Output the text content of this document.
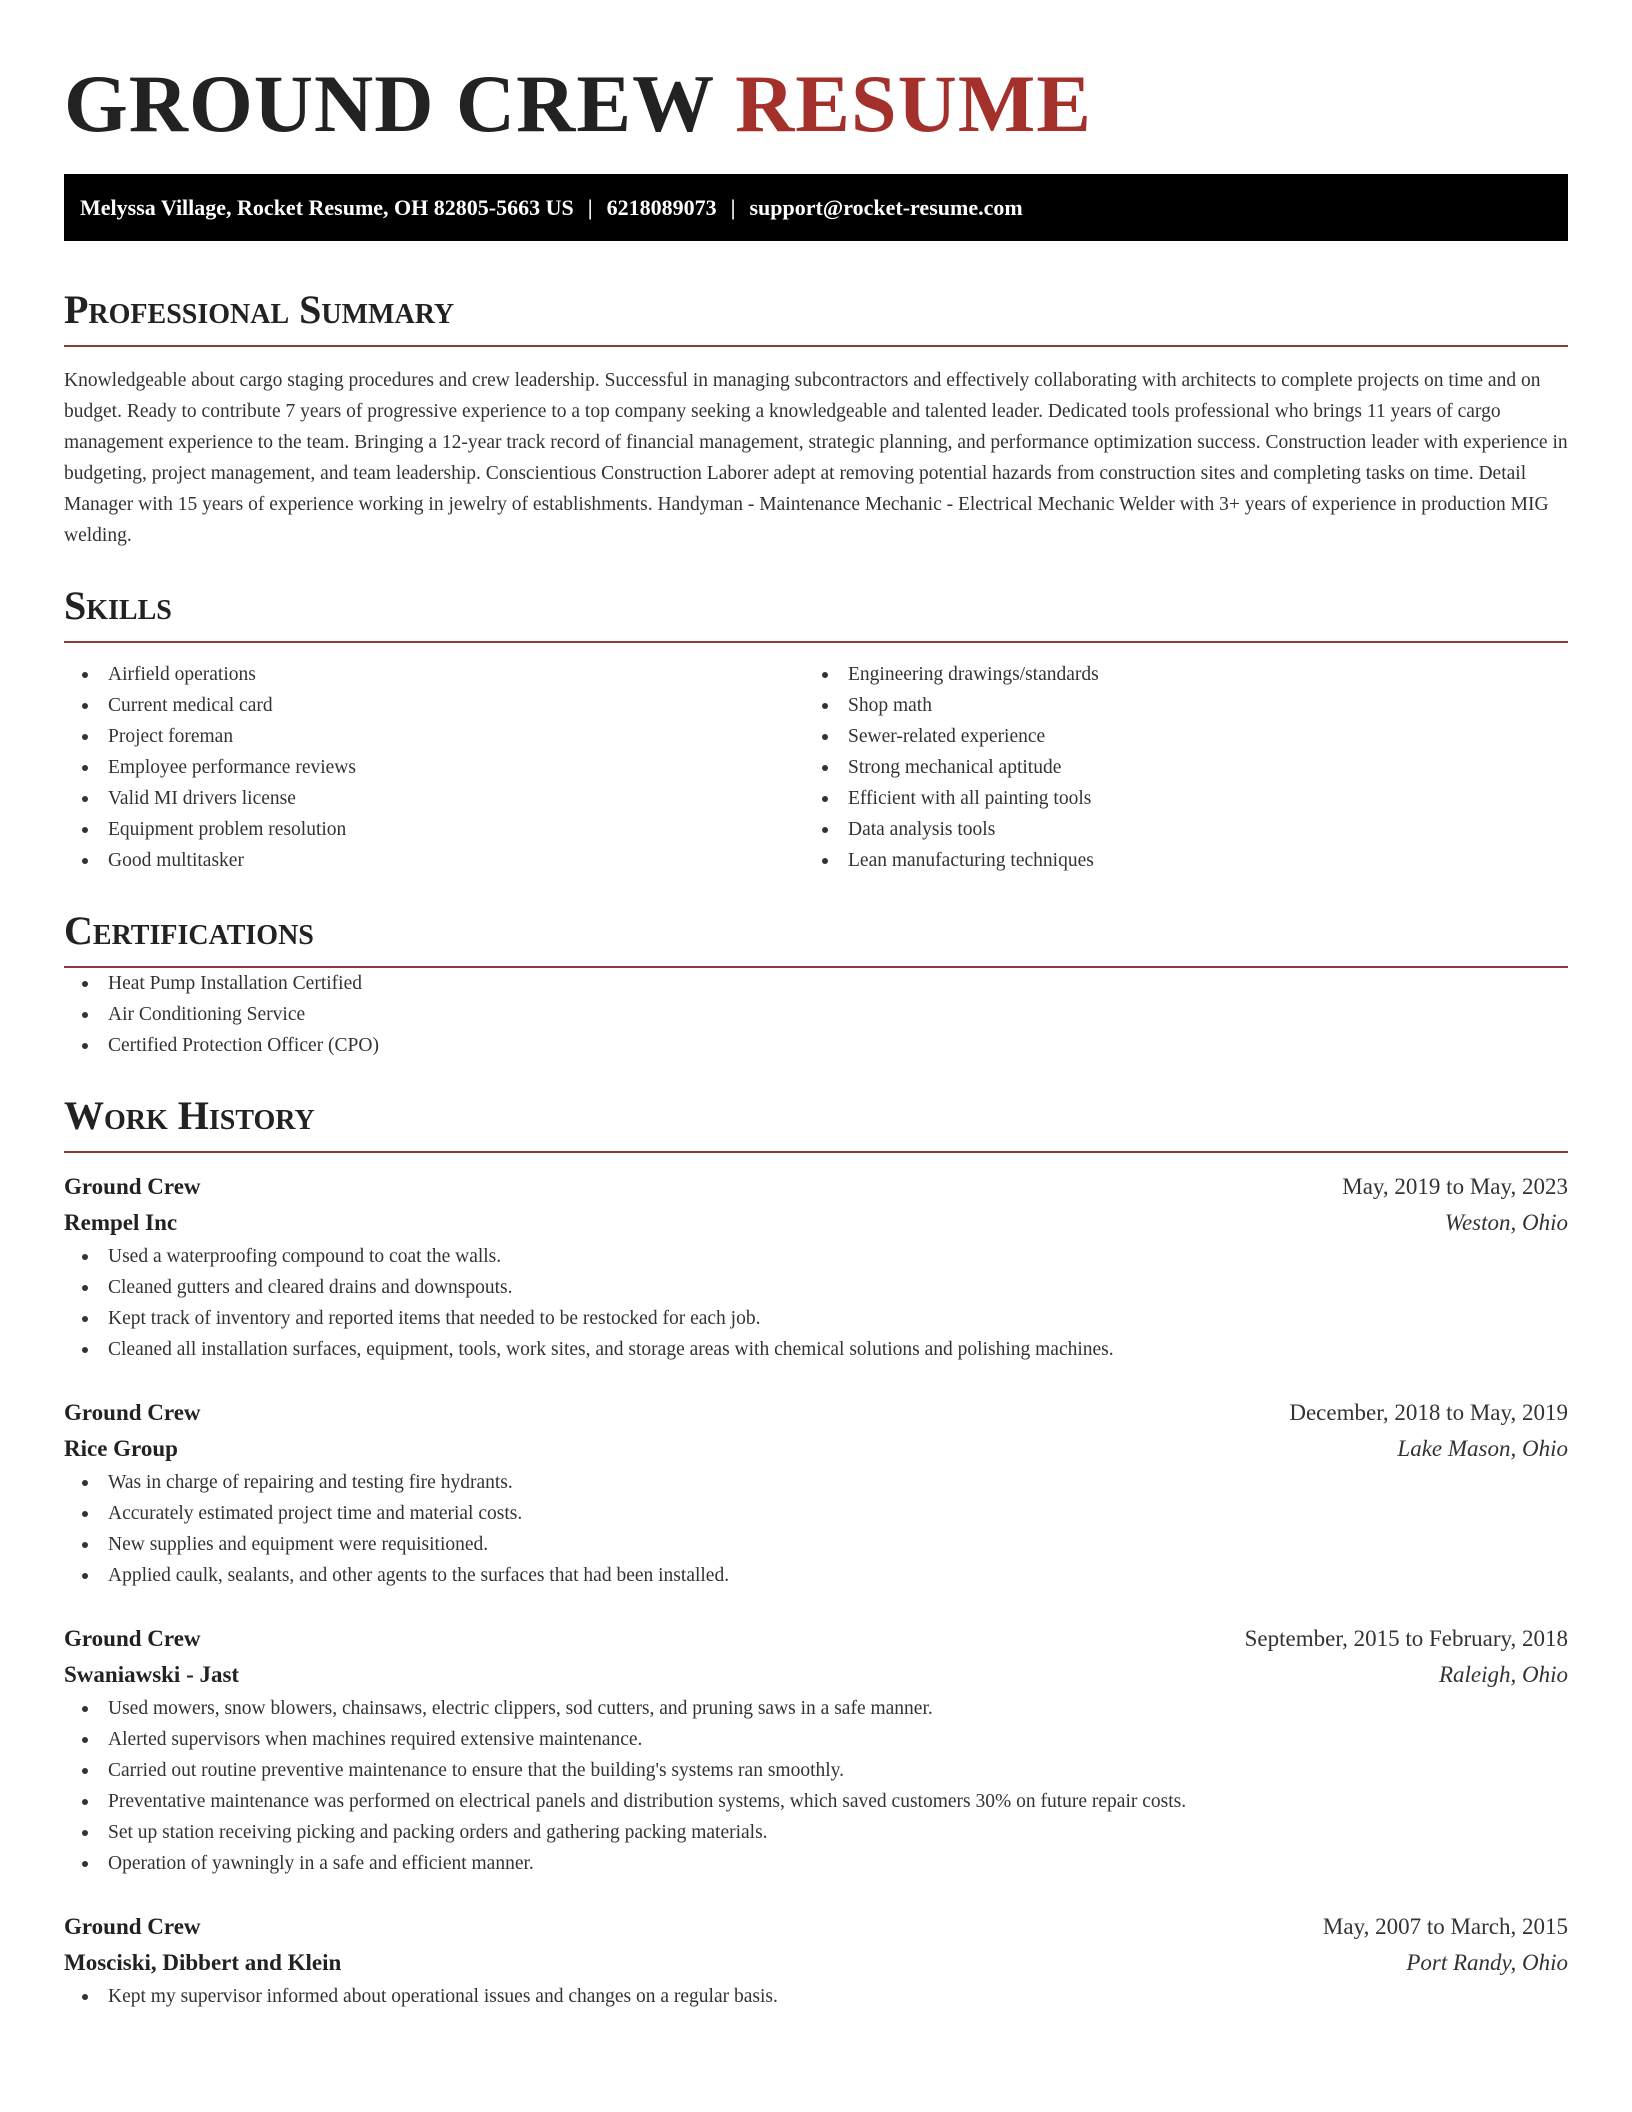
GROUND CREW RESUME
Melyssa Village, Rocket Resume, OH 82805-5663 US | 6218089073 | support@rocket-resume.com
Professional Summary

Knowledgeable about cargo staging procedures and crew leadership. Successful in managing subcontractors and effectively collaborating with architects to complete projects on time and on budget. Ready to contribute 7 years of progressive experience to a top company seeking a knowledgeable and talented leader. Dedicated tools professional who brings 11 years of cargo management experience to the team. Bringing a 12-year track record of financial management, strategic planning, and performance optimization success. Construction leader with experience in budgeting, project management, and team leadership. Conscientious Construction Laborer adept at removing potential hazards from construction sites and completing tasks on time. Detail Manager with 15 years of experience working in jewelry of establishments. Handyman - Maintenance Mechanic - Electrical Mechanic Welder with 3+ years of experience in production MIG welding.

Skills
Airfield operations
Current medical card
Project foreman
Employee performance reviews
Valid MI drivers license
Equipment problem resolution
Good multitasker
Engineering drawings/standards
Shop math
Sewer-related experience
Strong mechanical aptitude
Efficient with all painting tools
Data analysis tools
Lean manufacturing techniques
Certifications
Heat Pump Installation Certified
Air Conditioning Service
Certified Protection Officer (CPO)
Work History
Ground Crew	May, 2019 to May, 2023
Rempel Inc	Weston, Ohio
Used a waterproofing compound to coat the walls.
Cleaned gutters and cleared drains and downspouts.
Kept track of inventory and reported items that needed to be restocked for each job.
Cleaned all installation surfaces, equipment, tools, work sites, and storage areas with chemical solutions and polishing machines.
Ground Crew	December, 2018 to May, 2019
Rice Group	Lake Mason, Ohio
Was in charge of repairing and testing fire hydrants.
Accurately estimated project time and material costs.
New supplies and equipment were requisitioned.
Applied caulk, sealants, and other agents to the surfaces that had been installed.
Ground Crew	September, 2015 to February, 2018
Swaniawski - Jast	Raleigh, Ohio
Used mowers, snow blowers, chainsaws, electric clippers, sod cutters, and pruning saws in a safe manner.
Alerted supervisors when machines required extensive maintenance.
Carried out routine preventive maintenance to ensure that the building's systems ran smoothly.
Preventative maintenance was performed on electrical panels and distribution systems, which saved customers 30% on future repair costs.
Set up station receiving picking and packing orders and gathering packing materials.
Operation of yawningly in a safe and efficient manner.
Ground Crew	May, 2007 to March, 2015
Mosciski, Dibbert and Klein	Port Randy, Ohio
Kept my supervisor informed about operational issues and changes on a regular basis.
